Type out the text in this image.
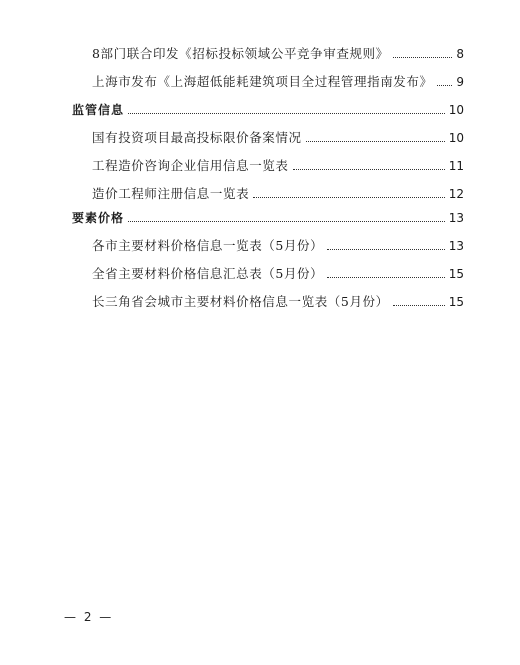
8部门联合印发《招标投标领域公平竞争审查规则》	8
上海市发布《上海超低能耗建筑项目全过程管理指南发布》 9
监管信息	10
国有投资项目最高投标限价备案情况	10
工程造价咨询企业信用信息一览表	11
造价工程师注册信息一览表	12
要素价格	13
各市主要材料价格信息一览表（5月份）	13
全省主要材料价格信息汇总表（5月份）	15
长三角省会城市主要材料价格信息一览表（5月份）	15
— 2 —
